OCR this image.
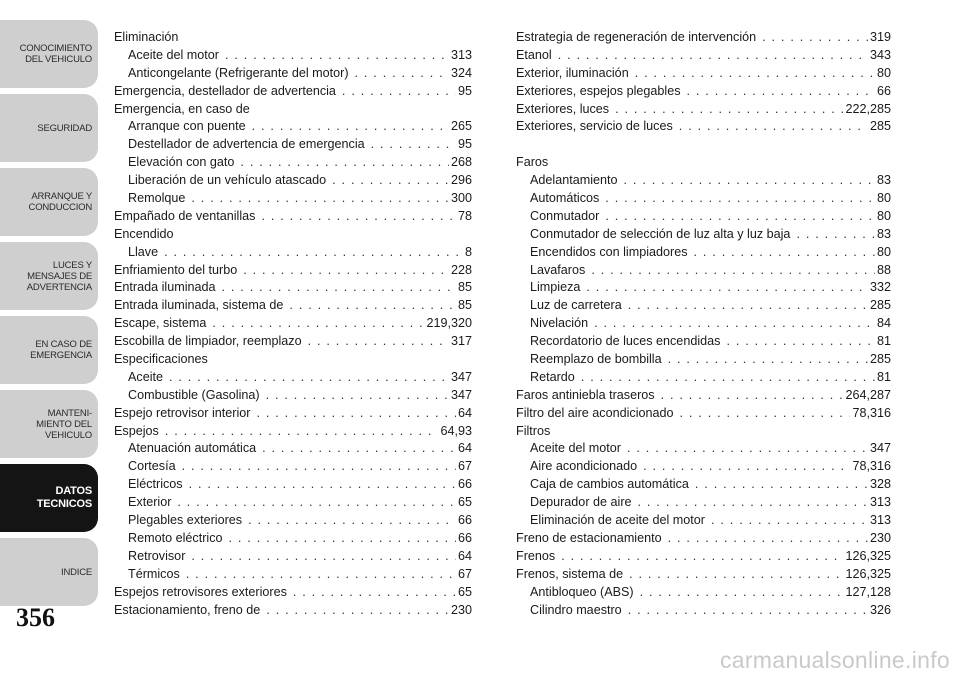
CONOCIMIENTO
DEL VEHICULO
SEGURIDAD
ARRANQUE Y
CONDUCCION
LUCES Y
MENSAJES DE
ADVERTENCIA
EN CASO DE
EMERGENCIA
MANTENI-
MIENTO DEL
VEHICULO
DATOS
TECNICOS
INDICE
Eliminación
Aceite del motor . . .	313
Anticongelante (Refrigerante del motor) . . .	324
Emergencia, destellador de advertencia . . .	95
Emergencia, en caso de
Arranque con puente . . .	265
Destellador de advertencia de emergencia . . .	95
Elevación con gato . . .	268
Liberación de un vehículo atascado . . .	296
Remolque . . .	300
Empañado de ventanillas . . .	78
Encendido
Llave . . .	8
Enfriamiento del turbo . . .	228
Entrada iluminada . . .	85
Entrada iluminada, sistema de . . .	85
Escape, sistema . . .	219,320
Escobilla de limpiador, reemplazo . . .	317
Especificaciones
Aceite . . .	347
Combustible (Gasolina) . . .	347
Espejo retrovisor interior . . .	64
Espejos . . .	64,93
Atenuación automática . . .	64
Cortesía . . .	67
Eléctricos . . .	66
Exterior . . .	65
Plegables exteriores . . .	66
Remoto eléctrico . . .	66
Retrovisor . . .	64
Térmicos . . .	67
Espejos retrovisores exteriores . . .	65
Estacionamiento, freno de . . .	230
Estrategia de regeneración de intervención . . .	319
Etanol . . .	343
Exterior, iluminación . . .	80
Exteriores, espejos plegables . . .	66
Exteriores, luces . . .	222,285
Exteriores, servicio de luces . . .	285
Faros
Adelantamiento . . .	83
Automáticos . . .	80
Conmutador . . .	80
Conmutador de selección de luz alta y luz baja . . .	83
Encendidos con limpiadores . . .	80
Lavafaros . . .	88
Limpieza . . .	332
Luz de carretera . . .	285
Nivelación . . .	84
Recordatorio de luces encendidas . . .	81
Reemplazo de bombilla . . .	285
Retardo . . .	81
Faros antiniebla traseros . . .	264,287
Filtro del aire acondicionado . . .	78,316
Filtros
Aceite del motor . . .	347
Aire acondicionado . . .	78,316
Caja de cambios automática . . .	328
Depurador de aire . . .	313
Eliminación de aceite del motor . . .	313
Freno de estacionamiento . . .	230
Frenos . . .	126,325
Frenos, sistema de . . .	126,325
Antibloqueo (ABS) . . .	127,128
Cilindro maestro . . .	326
356
carmanualsonline.info
